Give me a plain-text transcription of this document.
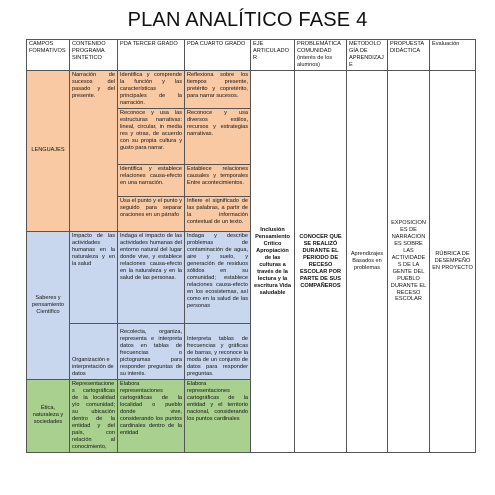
PLAN ANALÍTICO FASE 4
CAMPOS FORMATIVOS	CONTENIDO PROGRAMA SINTÉTICO	PDA TERCER GRADO	PDA CUARTO GRADO	EJE ARTICULADOR	PROBLEMÁTICA COMUNIDAD (interés de los alumnos)	METODOLOGÍA DE APRENDIZAJE	PROPUESTA DIDÁCTICA	Evaluación
LENGUAJES	Narración de sucesos del pasado y del presente.	Identifica y comprende la función y las características principales de la narración.	Reflexiona sobre los tiempos presente, pretérito y copretérito, para narrar sucesos.	Inclusión Pensamiento Crítico Apropiación de las culturas a través de la lectura y la escritura Vida saludable	CONOCER QUE SE REALIZÓ DURANTE EL PERIODO DE RECESO ESCOLAR POR PARTE DE SUS COMPAÑEROS	Aprendizajes Basados en problemas	EXPOSICIONES DE NARRACIONES SOBRE LAS ACTIVIDADES DE LA GENTE DEL PUEBLO DURANTE EL RECESO ESCOLAR	RÚBRICA DE DESEMPEÑO EN PROYECTO
		Reconoce y usa las estructuras narrativas: lineal, circular, in media res y otras, de acuerdo con su propia cultura y gusto para narrar.	Reconoce y usa diversos estilos, recursos y estrategias narrativas.					
		Identifica y establece relaciones causa-efecto en una narración.	Establece relaciones causales y temporales Entre acontecimientos.					
		Usa el punto y el punto y seguido para separar oraciones en un párrafo	Infiere el significado de las palabras, a partir de la información contextual de un texto.					
Saberes y pensamiento Científico	Impacto de las actividades humanas en la naturaleza y en la salud	Indaga el impacto de las actividades humanas del entorno natural del lugar donde vive, y establece relaciones causa-efecto en la naturaleza y en la salud de las personas.	Indaga y describe problemas de contaminación de agua, aire y suelo, y generación de residuos sólidos en su comunidad; establece relaciones causa-efecto en los ecosistemas, así como en la salud de las personas					
	Organización e interpretación de datos	Recolecta, organiza, representa e interpreta datos en tablas de frecuencias o pictogramas para responder preguntas de su interés.	Interpreta tablas de frecuencias y gráficas de barras, y reconoce la moda de un conjunto de datos para responder preguntas.					
Ética, naturaleza y sociedades	Representaciones cartográficas de la localidad y/o comunidad; su ubicación dentro de la entidad y del país, con relación al conocimiento,	Elabora representaciones cartográficas de la localidad o pueblo donde vive, considerando los puntos cardinales dentro de la entidad	Elabora representaciones cartográficas de la entidad y el territorio nacional, considerando los puntos cardinales					
